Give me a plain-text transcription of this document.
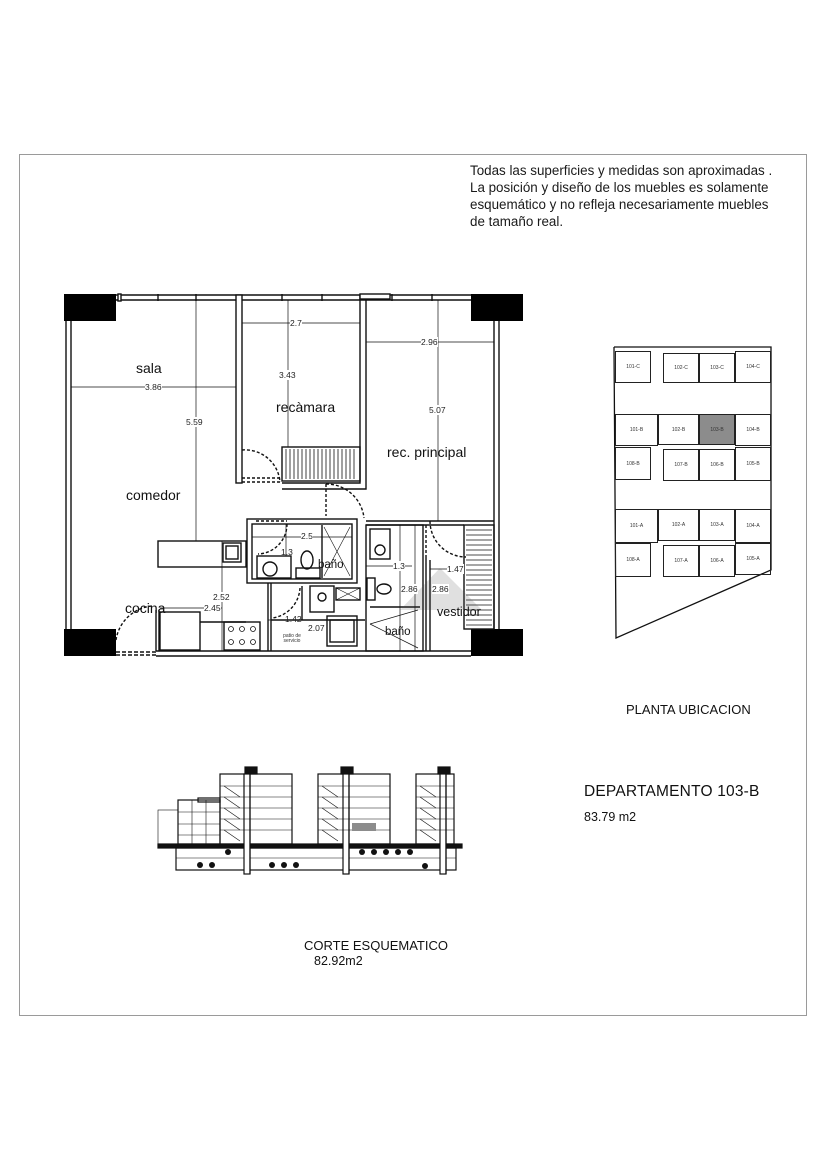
Todas las superficies y medidas son aproximadas .
La posición y diseño de los muebles es solamente
esquemático y no refleja necesariamente muebles
de tamaño real.
sala
comedor
cocina
recàmara
rec. principal
baño
baño
vestidor
patio de servicio
3.86
5.59
2.7
3.43
2.96
5.07
2.5
1.3
2.52
2.45
1.42
2.07
1.3
2.86 2.86
1.47
101-C	102-C	103-C	104-C
101-B	102-B	103-B	104-B
108-B	107-B	106-B	105-B
101-A	102-A	103-A	104-A
108-A	107-A	106-A	105-A
PLANTA UBICACION
DEPARTAMENTO 103-B
83.79 m2
CORTE ESQUEMATICO
82.92m2
